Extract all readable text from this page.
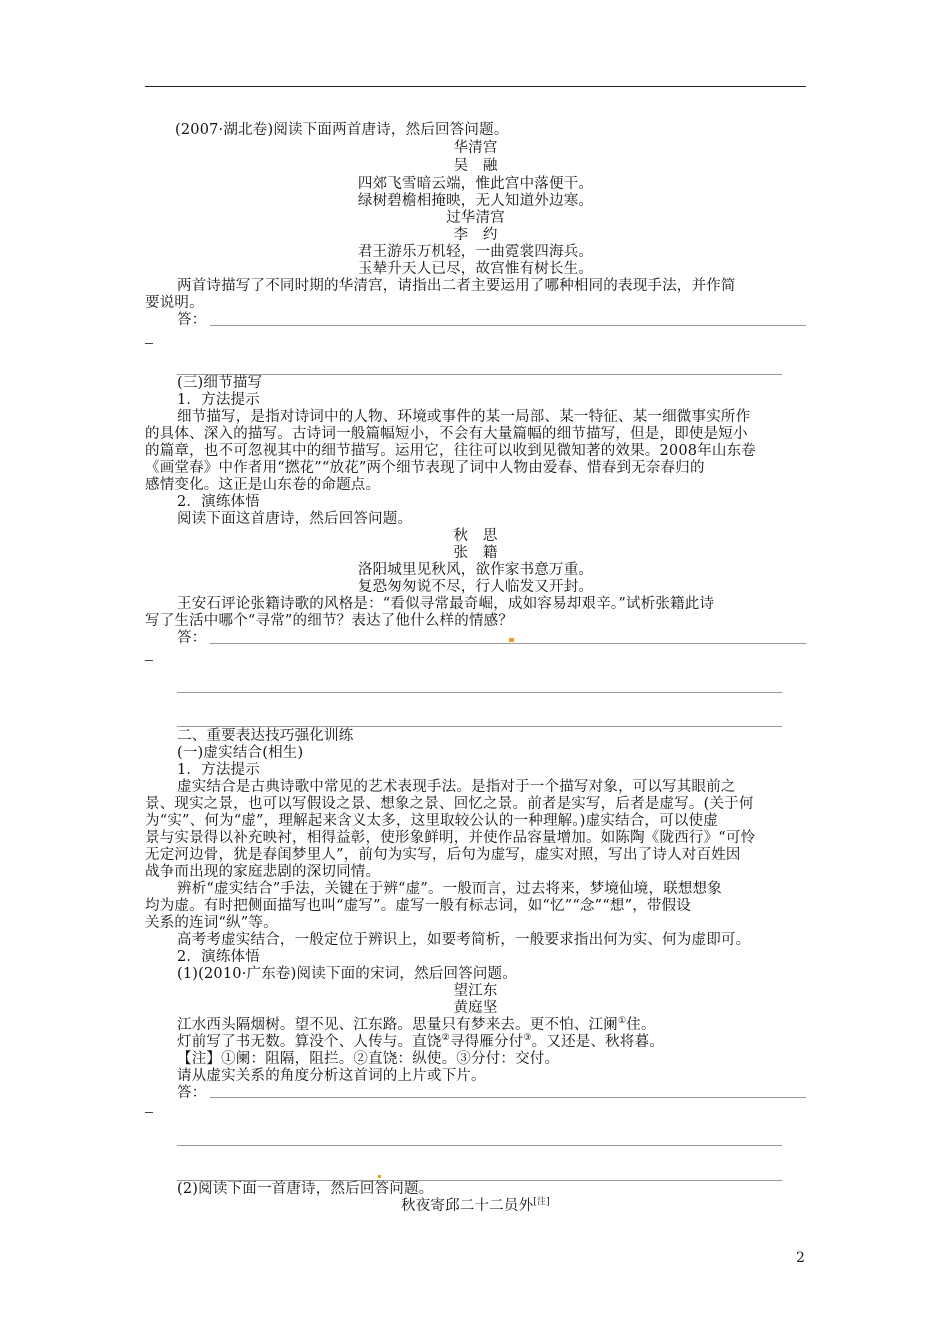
(2007·湖北卷)阅读下面两首唐诗，然后回答问题。
华清宫
吴　融
四郊飞雪暗云端，惟此宫中落便干。
绿树碧檐相掩映，无人知道外边寒。
过华清宫
李　约
君王游乐万机轻，一曲霓裳四海兵。
玉辇升天人已尽，故宫惟有树长生。
两首诗描写了不同时期的华清宫，请指出二者主要运用了哪种相同的表现手法，并作简
要说明。
答：
(三)细节描写
1．方法提示
细节描写，是指对诗词中的人物、环境或事件的某一局部、某一特征、某一细微事实所作
的具体、深入的描写。古诗词一般篇幅短小，不会有大量篇幅的细节描写，但是，即使是短小
的篇章，也不可忽视其中的细节描写。运用它，往往可以收到见微知著的效果。2008年山东卷
《画堂春》中作者用“撚花”“放花”两个细节表现了词中人物由爱春、惜春到无奈春归的
感情变化。这正是山东卷的命题点。
2．演练体悟
阅读下面这首唐诗，然后回答问题。
秋　思
张　籍
洛阳城里见秋风，欲作家书意万重。
复恐匆匆说不尽，行人临发又开封。
王安石评论张籍诗歌的风格是：“看似寻常最奇崛，成如容易却艰辛。”试析张籍此诗
写了生活中哪个“寻常”的细节？表达了他什么样的情感？
答：
二、重要表达技巧强化训练
(一)虚实结合(相生)
1．方法提示
虚实结合是古典诗歌中常见的艺术表现手法。是指对于一个描写对象，可以写其眼前之
景、现实之景，也可以写假设之景、想象之景、回忆之景。前者是实写，后者是虚写。(关于何
为“实”、何为“虚”，理解起来含义太多，这里取较公认的一种理解。)虚实结合，可以使虚
景与实景得以补充映衬，相得益彰，使形象鲜明，并使作品容量增加。如陈陶《陇西行》“可怜
无定河边骨，犹是春闺梦里人”，前句为实写，后句为虚写，虚实对照，写出了诗人对百姓因
战争而出现的家庭悲剧的深切同情。
辨析“虚实结合”手法，关键在于辨“虚”。一般而言，过去将来，梦境仙境，联想想象
均为虚。有时把侧面描写也叫“虚写”。虚写一般有标志词，如“忆”“念”“想”，带假设
关系的连词“纵”等。
高考考虚实结合，一般定位于辨识上，如要考简析，一般要求指出何为实、何为虚即可。
2．演练体悟
(1)(2010·广东卷)阅读下面的宋词，然后回答问题。
望江东
黄庭坚
江水西头隔烟树。望不见、江东路。思量只有梦来去。更不怕、江阑①住。
灯前写了书无数。算没个、人传与。直饶②寻得雁分付③。又还是、秋将暮。
【注】①阑：阻隔，阻拦。②直饶：纵使。③分付：交付。
请从虚实关系的角度分析这首词的上片或下片。
答：
(2)阅读下面一首唐诗，然后回答问题。
秋夜寄邱二十二员外[注]
2
